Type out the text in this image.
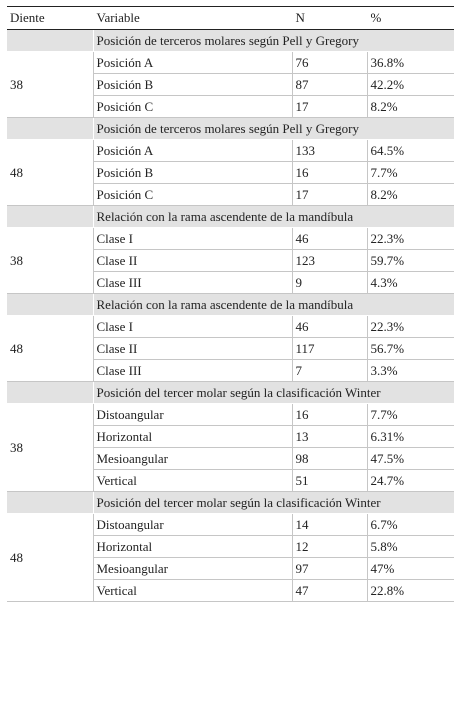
Diente	Variable	N	%
	Posición de terceros molares según Pell y Gregory		
38	Posición A	76	36.8%
	Posición B	87	42.2%
	Posición C	17	8.2%
	Posición de terceros molares según Pell y Gregory		
48	Posición A	133	64.5%
	Posición B	16	7.7%
	Posición C	17	8.2%
	Relación con la rama ascendente de la mandíbula		
38	Clase I	46	22.3%
	Clase II	123	59.7%
	Clase III	9	4.3%
	Relación con la rama ascendente de la mandíbula		
48	Clase I	46	22.3%
	Clase II	117	56.7%
	Clase III	7	3.3%
	Posición del tercer molar según la clasificación Winter		
38	Distoangular	16	7.7%
	Horizontal	13	6.31%
	Mesioangular	98	47.5%
	Vertical	51	24.7%
	Posición del tercer molar según la clasificación Winter		
48	Distoangular	14	6.7%
	Horizontal	12	5.8%
	Mesioangular	97	47%
	Vertical	47	22.8%
